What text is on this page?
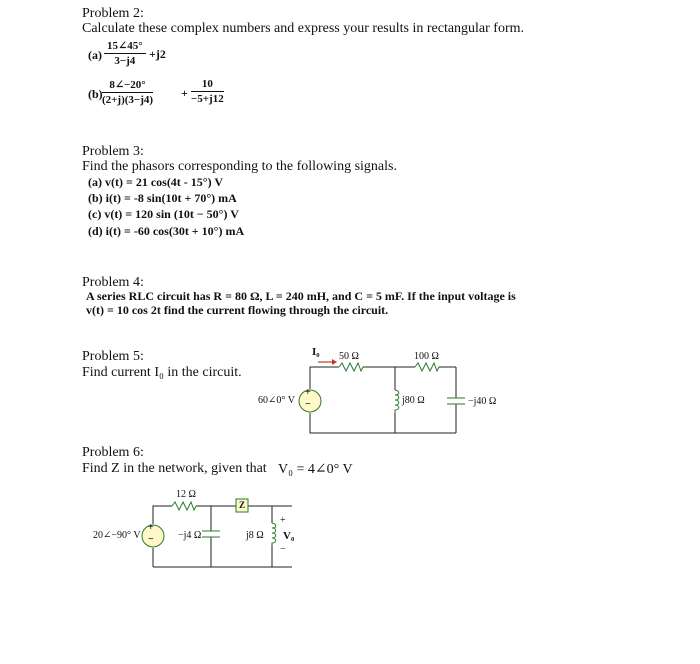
Problem 2:
Calculate these complex numbers and express your results in rectangular form.
$(a) \frac{15\angle 45^\circ}{3-j4} +j2$
$(b) \frac{8\angle-20^\circ}{(2+j)(3-j4)} + \frac{10}{-5+j12}$
Problem 3:
Find the phasors corresponding to the following signals.
(a) v(t) = 21 cos(4t - 15°) V
(b) i(t) = -8 sin(10t + 70°) mA
(c) v(t) = 120 sin (10t − 50°) V
(d) i(t) = -60 cos(30t + 10°) mA
Problem 4:
A series RLC circuit has R = 80 Ω, L = 240 mH, and C = 5 mF. If the input voltage is
v(t) = 10 cos 2t find the current flowing through the circuit.
Problem 5:
Find current I₀ in the circuit.
+
−
I₀ 50 Ω	100 Ω
60∠0° V	j80 Ω	−j40 Ω
Problem 6:
Find Z in the network, given that V₀ = 4∠0° V
+
−
12 Ω
Z
20∠−90° V	−j4 Ω	j8 Ω
+
V₀
−
